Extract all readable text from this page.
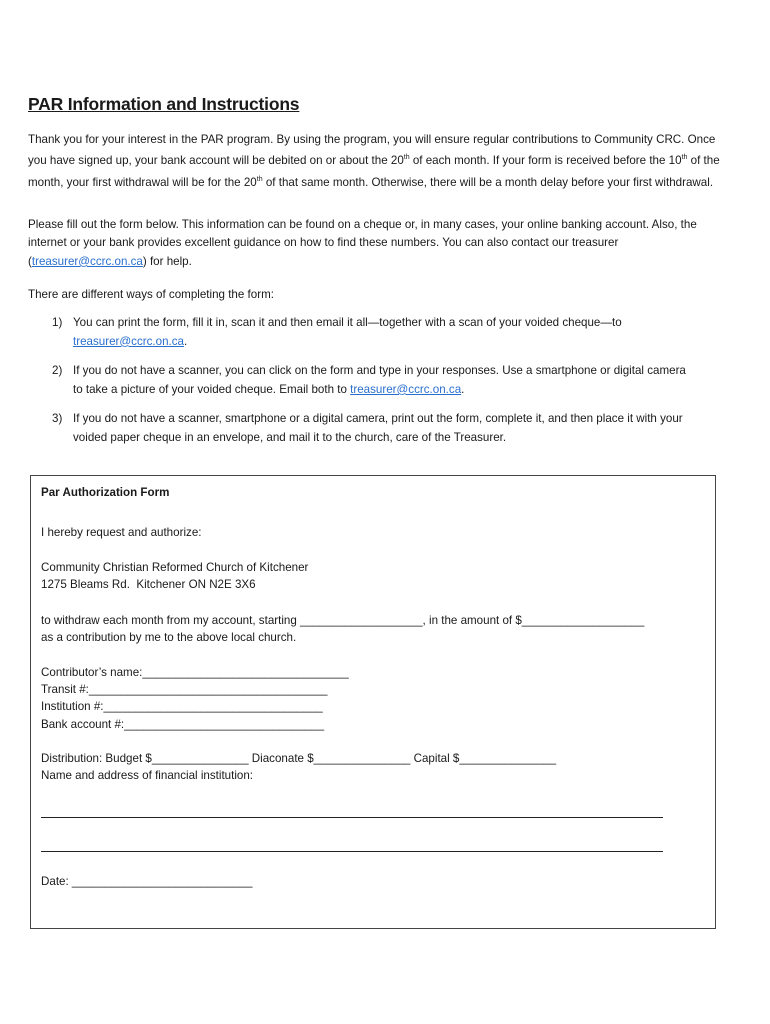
PAR Information and Instructions

Thank you for your interest in the PAR program. By using the program, you will ensure regular contributions to Community CRC. Once you have signed up, your bank account will be debited on or about the 20th of each month. If your form is received before the 10th of the month, your first withdrawal will be for the 20th of that same month. Otherwise, there will be a month delay before your first withdrawal.

Please fill out the form below. This information can be found on a cheque or, in many cases, your online banking account. Also, the internet or your bank provides excellent guidance on how to find these numbers. You can also contact our treasurer (treasurer@ccrc.on.ca) for help.

There are different ways of completing the form:

1) You can print the form, fill it in, scan it and then email it all—together with a scan of your voided cheque—to treasurer@ccrc.on.ca.
2) If you do not have a scanner, you can click on the form and type in your responses. Use a smartphone or digital camera to take a picture of your voided cheque. Email both to treasurer@ccrc.on.ca.
3) If you do not have a scanner, smartphone or a digital camera, print out the form, complete it, and then place it with your voided paper cheque in an envelope, and mail it to the church, care of the Treasurer.
Par Authorization Form
I hereby request and authorize:
Community Christian Reformed Church of Kitchener
1275 Bleams Rd.  Kitchener ON N2E 3X6
to withdraw each month from my account, starting ___________________, in the amount of $___________________
as a contribution by me to the above local church.
Contributor’s name:________________________________
Transit #:_____________________________________
Institution #:__________________________________
Bank account #:_______________________________
Distribution: Budget $_______________ Diaconate $_______________ Capital $_______________
Name and address of financial institution:
Date: ____________________________
